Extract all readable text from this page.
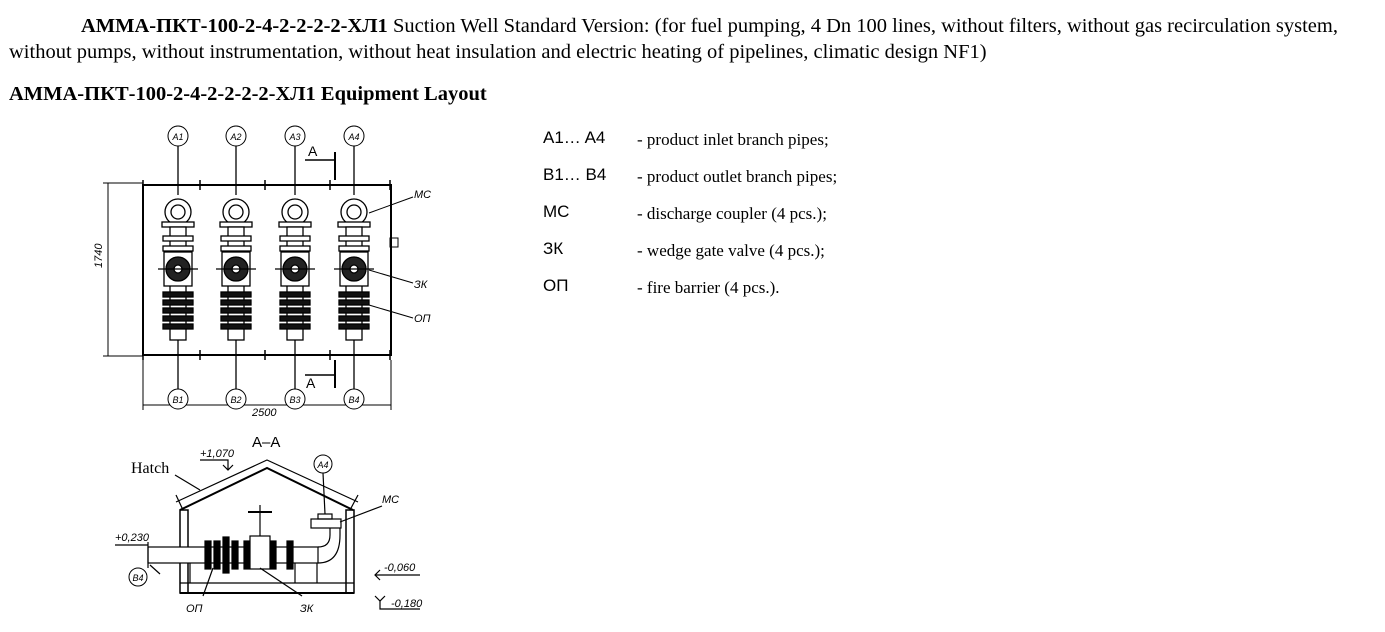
АММА-ПКТ-100-2-4-2-2-2-2-ХЛ1 Suction Well Standard Version: (for fuel pumping, 4 Dn 100 lines, without filters, without gas recirculation system, without pumps, without instrumentation, without heat insulation and electric heating of pipelines, climatic design NF1)
АММА-ПКТ-100-2-4-2-2-2-2-ХЛ1 Equipment Layout
1740
2500
MC
ЗК
ОП
A
A
A–A
+1,070
+0,230
-0,060
-0,180
MC
ОП	ЗК
Hatch	A4
B4
A1
B1
A2
B2
A3
B3
A4
B4
A1… A4 - product inlet branch pipes;
B1… B4 - product outlet branch pipes;
MC	- discharge coupler (4 pcs.);
ЗК	- wedge gate valve (4 pcs.);
ОП	- fire barrier (4 pcs.).
